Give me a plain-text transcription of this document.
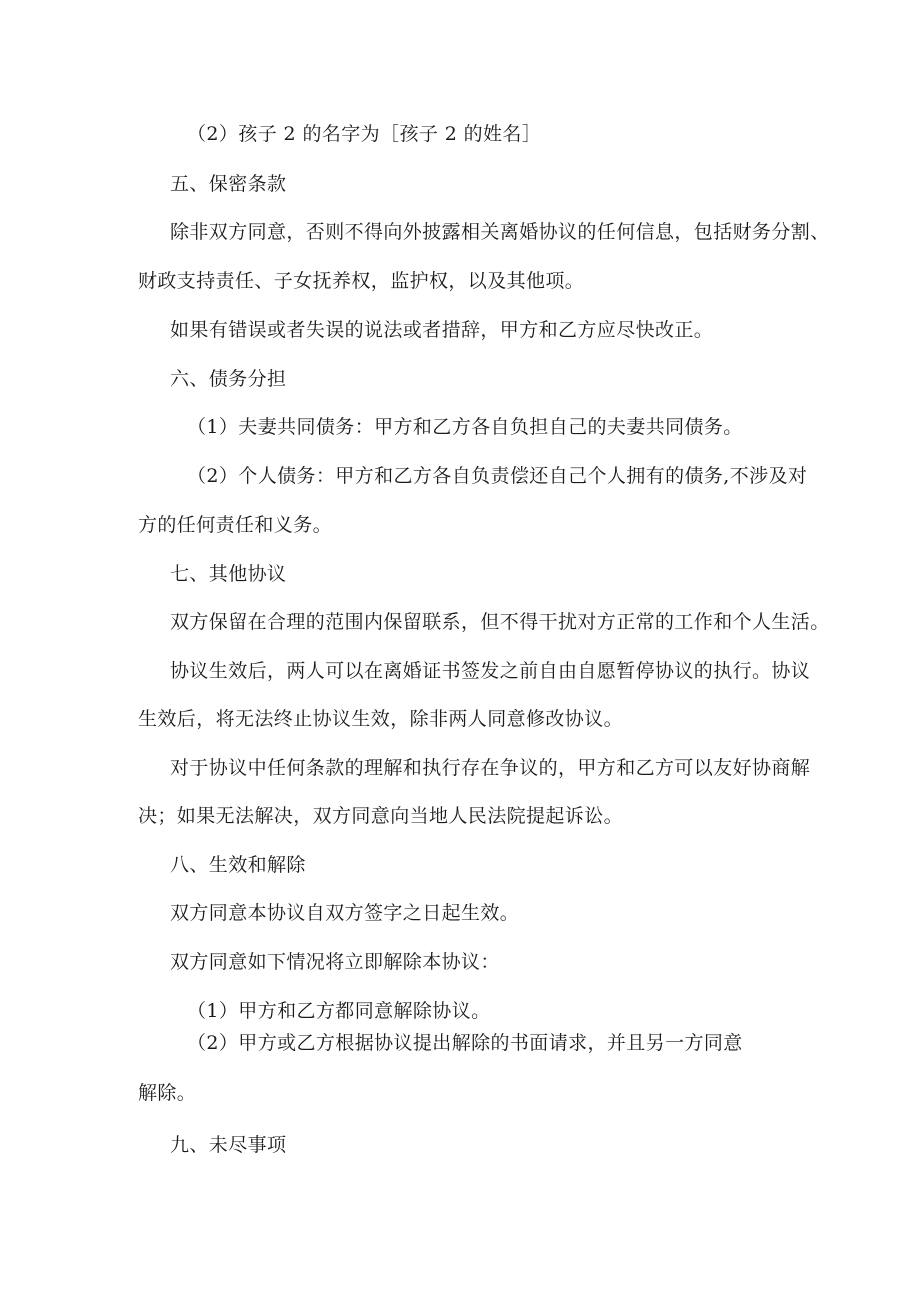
（2）孩子 2 的名字为［孩子 2 的姓名］
五、保密条款
除非双方同意，否则不得向外披露相关离婚协议的任何信息，包括财务分割、
财政支持责任、子女抚养权，监护权，以及其他项。
如果有错误或者失误的说法或者措辞，甲方和乙方应尽快改正。
六、债务分担
（1）夫妻共同债务：甲方和乙方各自负担自己的夫妻共同债务。
（2）个人债务：甲方和乙方各自负责偿还自己个人拥有的债务,不涉及对
方的任何责任和义务。
七、其他协议
双方保留在合理的范围内保留联系，但不得干扰对方正常的工作和个人生活。
协议生效后，两人可以在离婚证书签发之前自由自愿暂停协议的执行。协议
生效后，将无法终止协议生效，除非两人同意修改协议。
对于协议中任何条款的理解和执行存在争议的，甲方和乙方可以友好协商解
决；如果无法解决，双方同意向当地人民法院提起诉讼。
八、生效和解除
双方同意本协议自双方签字之日起生效。
双方同意如下情况将立即解除本协议：
（1）甲方和乙方都同意解除协议。
（2）甲方或乙方根据协议提出解除的书面请求，并且另一方同意
解除。
九、未尽事项
